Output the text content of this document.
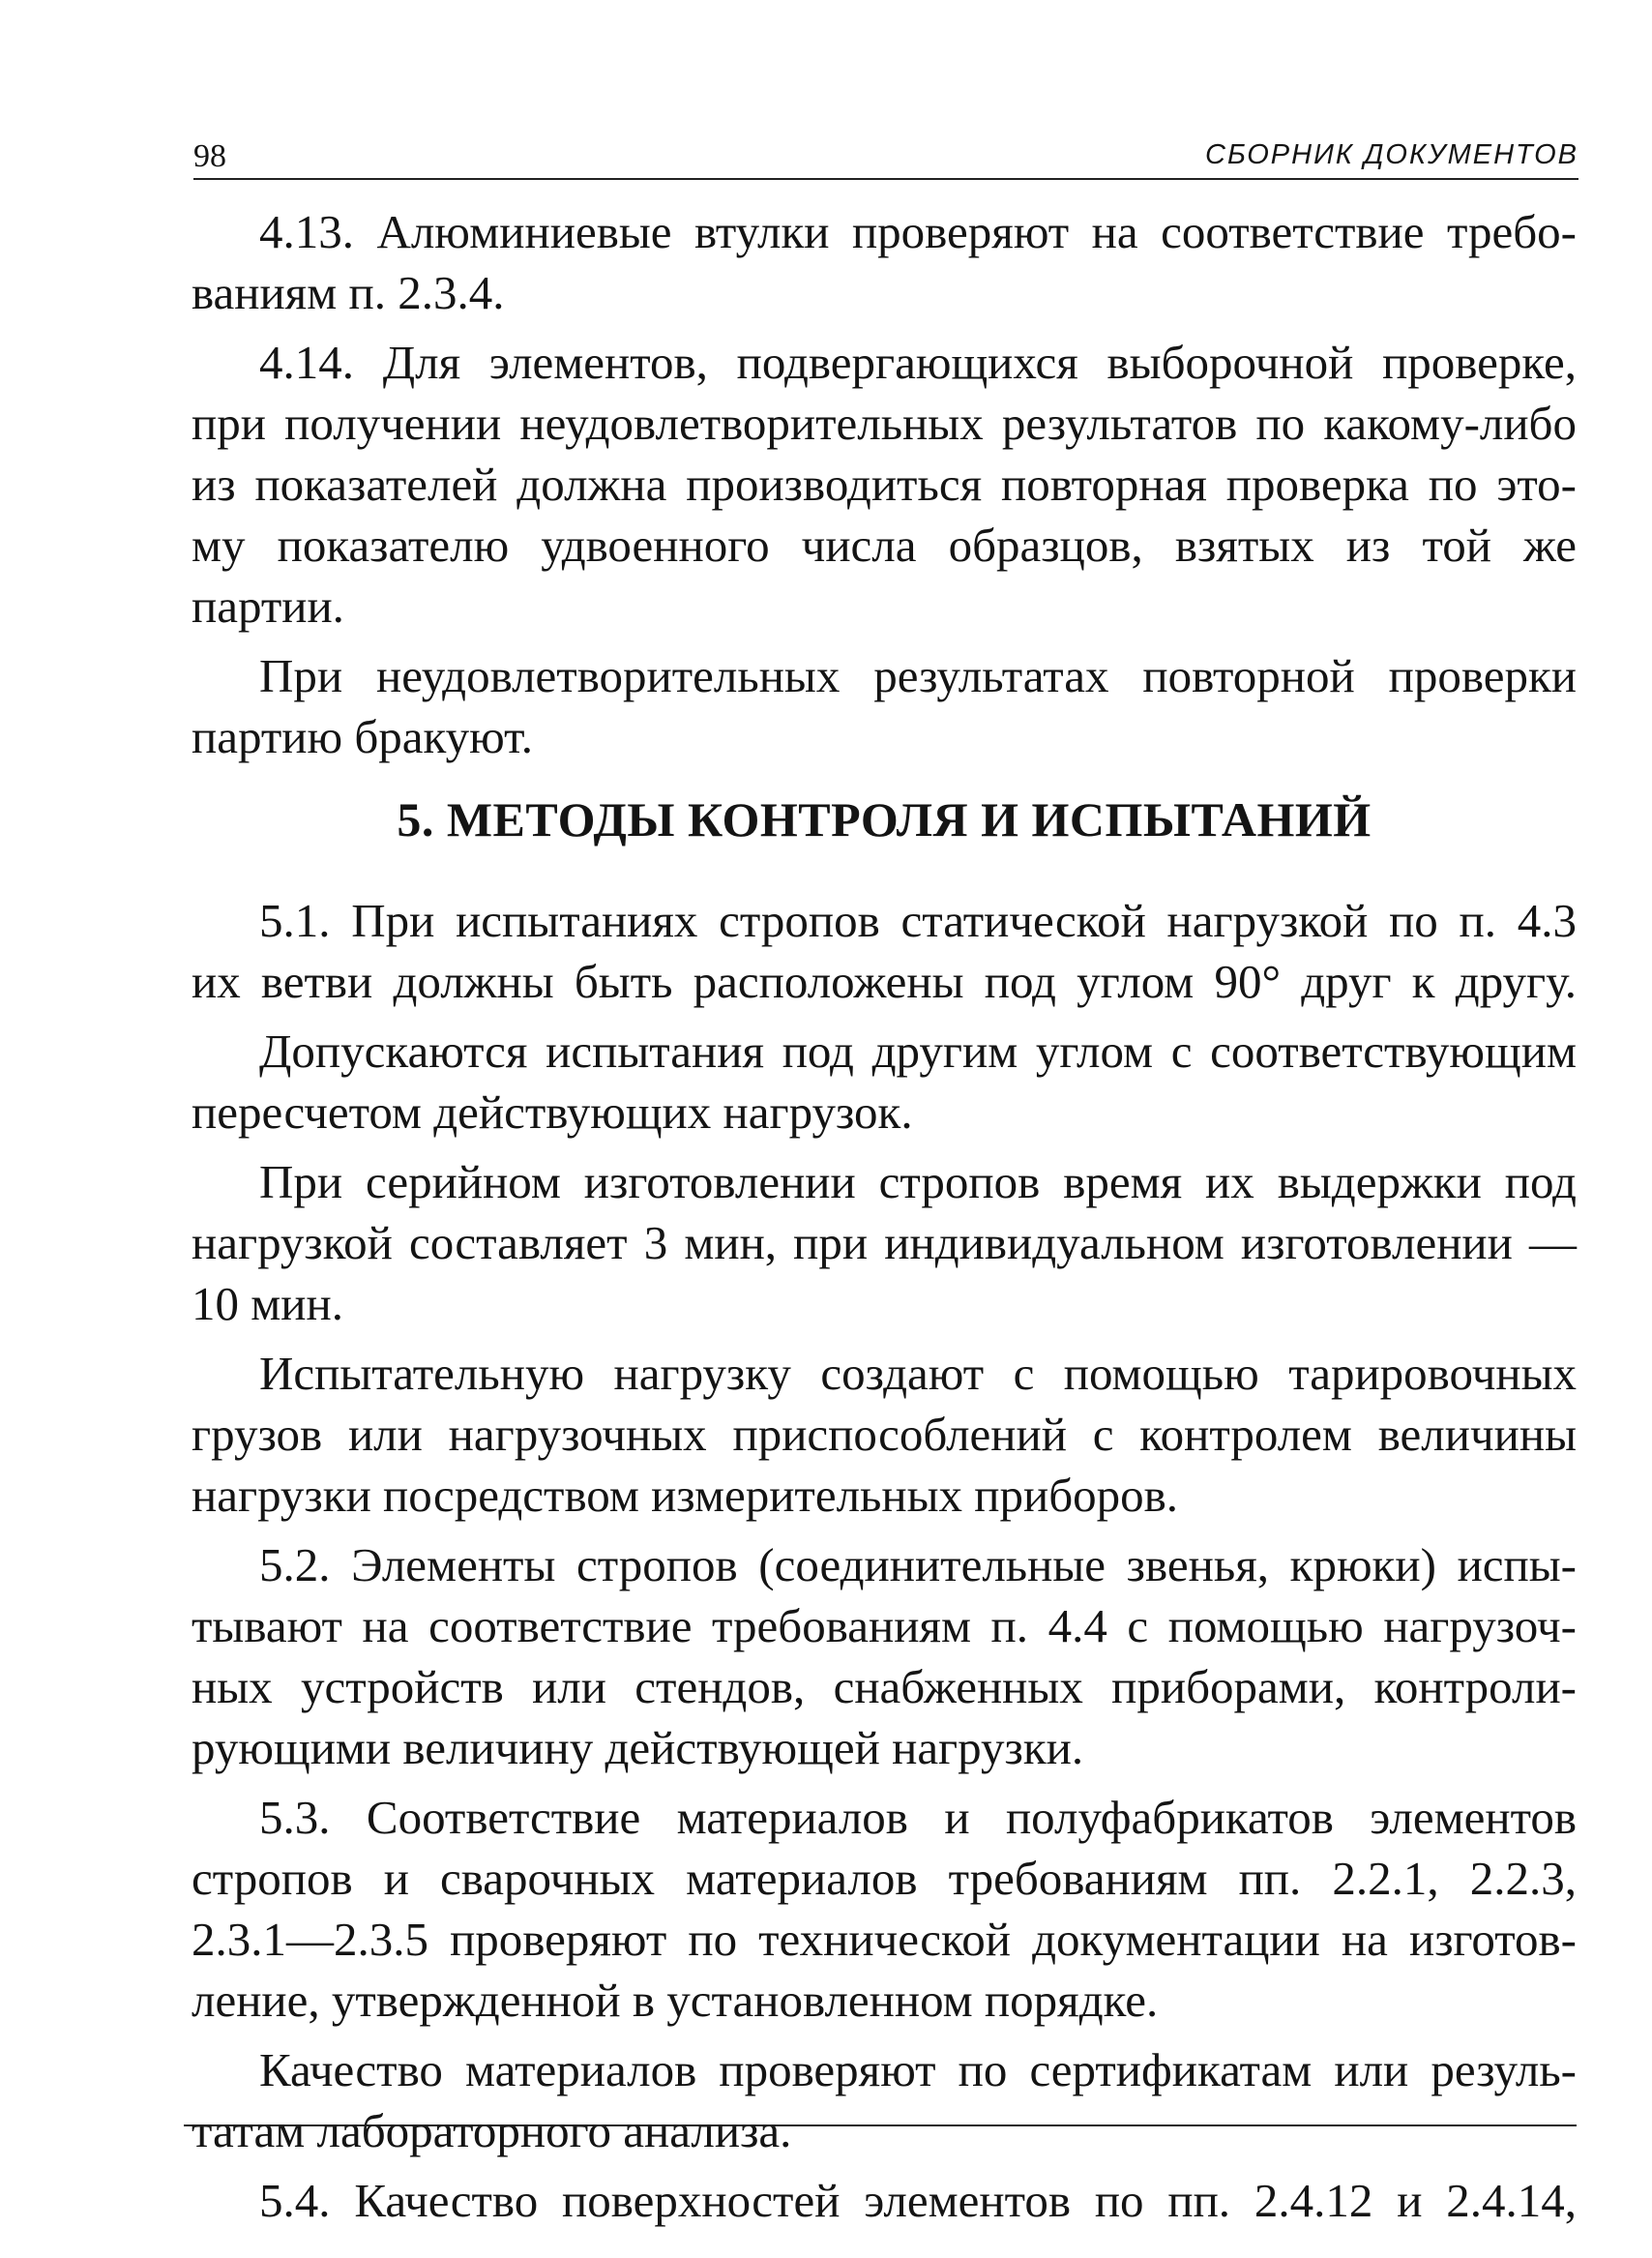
98	СБОРНИК ДОКУМЕНТОВ
4.13. Алюминиевые втулки проверяют на соответствие требо-
ваниям п. 2.3.4.
4.14. Для элементов, подвергающихся выборочной проверке,
при получении неудовлетворительных результатов по какому-либо
из показателей должна производиться повторная проверка по это-
му показателю удвоенного числа образцов, взятых из той же
партии.
При неудовлетворительных результатах повторной проверки
партию бракуют.
5. МЕТОДЫ КОНТРОЛЯ И ИСПЫТАНИЙ
5.1. При испытаниях стропов статической нагрузкой по п. 4.3
их ветви должны быть расположены под углом 90° друг к другу.
Допускаются испытания под другим углом с соответствующим
пересчетом действующих нагрузок.
При серийном изготовлении стропов время их выдержки под
нагрузкой составляет 3 мин, при индивидуальном изготовлении —
10 мин.
Испытательную нагрузку создают с помощью тарировочных
грузов или нагрузочных приспособлений с контролем величины
нагрузки посредством измерительных приборов.
5.2. Элементы стропов (соединительные звенья, крюки) испы-
тывают на соответствие требованиям п. 4.4 с помощью нагрузоч-
ных устройств или стендов, снабженных приборами, контроли-
рующими величину действующей нагрузки.
5.3. Соответствие материалов и полуфабрикатов элементов
стропов и сварочных материалов требованиям пп. 2.2.1, 2.2.3,
2.3.1—2.3.5 проверяют по технической документации на изготов-
ление, утвержденной в установленном порядке.
Качество материалов проверяют по сертификатам или резуль-
татам лабораторного анализа.
5.4. Качество поверхностей элементов по пп. 2.4.12 и 2.4.14,
